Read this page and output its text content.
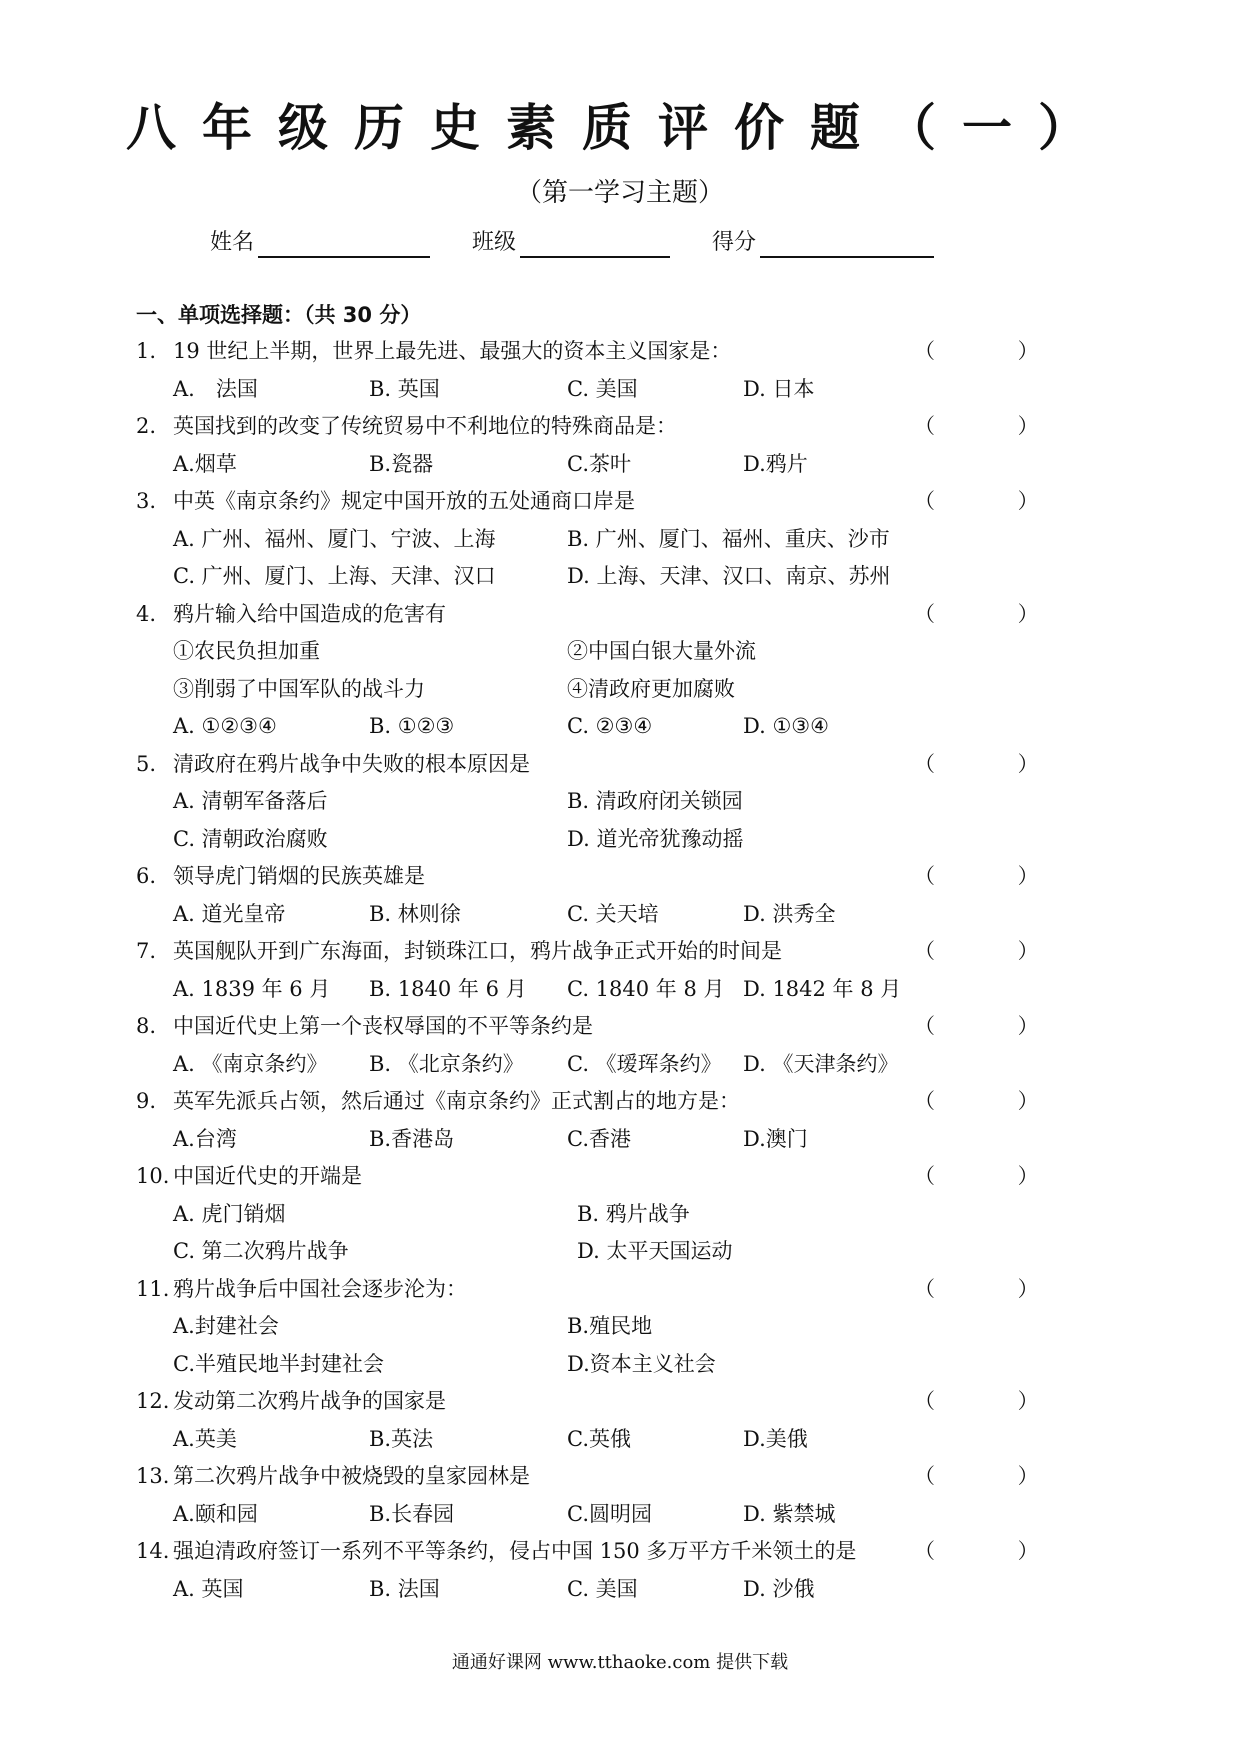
八年级历史素质评价题（一）
（第一学习主题）
姓名	班级	得分
一、单项选择题：（共 30 分）
1. 19 世纪上半期，世界上最先进、最强大的资本主义国家是：	（ ）
A.　法国	B. 英国	C. 美国	D. 日本
2. 英国找到的改变了传统贸易中不利地位的特殊商品是：	（ ）
A.烟草	B.瓷器	C.茶叶	D.鸦片
3. 中英《南京条约》规定中国开放的五处通商口岸是	（ ）
A. 广州、福州、厦门、宁波、上海	B. 广州、厦门、福州、重庆、沙市
C. 广州、厦门、上海、天津、汉口	D. 上海、天津、汉口、南京、苏州
4. 鸦片输入给中国造成的危害有	（ ）
①农民负担加重	②中国白银大量外流
③削弱了中国军队的战斗力	④清政府更加腐败
A. ①②③④	B. ①②③	C. ②③④	D. ①③④
5. 清政府在鸦片战争中失败的根本原因是	（ ）
A. 清朝军备落后	B. 清政府闭关锁园
C. 清朝政治腐败	D. 道光帝犹豫动摇
6. 领导虎门销烟的民族英雄是	（ ）
A. 道光皇帝	B. 林则徐	C. 关天培	D. 洪秀全
7. 英国舰队开到广东海面，封锁珠江口，鸦片战争正式开始的时间是	（ ）
A. 1839 年 6 月 B. 1840 年 6 月 C. 1840 年 8 月 D. 1842 年 8 月
8. 中国近代史上第一个丧权辱国的不平等条约是	（ ）
A. 《南京条约》 B. 《北京条约》 C. 《瑷珲条约》 D. 《天津条约》
9. 英军先派兵占领，然后通过《南京条约》正式割占的地方是：	（ ）
A.台湾	B.香港岛	C.香港	D.澳门
10. 中国近代史的开端是	（ ）
A. 虎门销烟	B. 鸦片战争
C. 第二次鸦片战争	D. 太平天国运动
11. 鸦片战争后中国社会逐步沦为：	（ ）
A.封建社会	B.殖民地
C.半殖民地半封建社会	D.资本主义社会
12. 发动第二次鸦片战争的国家是	（ ）
A.英美	B.英法	C.英俄	D.美俄
13. 第二次鸦片战争中被烧毁的皇家园林是	（ ）
A.颐和园	B.长春园	C.圆明园	D. 紫禁城
14. 强迫清政府签订一系列不平等条约，侵占中国 150 多万平方千米领土的是	（ ）
A. 英国	B. 法国	C. 美国	D. 沙俄
通通好课网 www.tthaoke.com 提供下载
